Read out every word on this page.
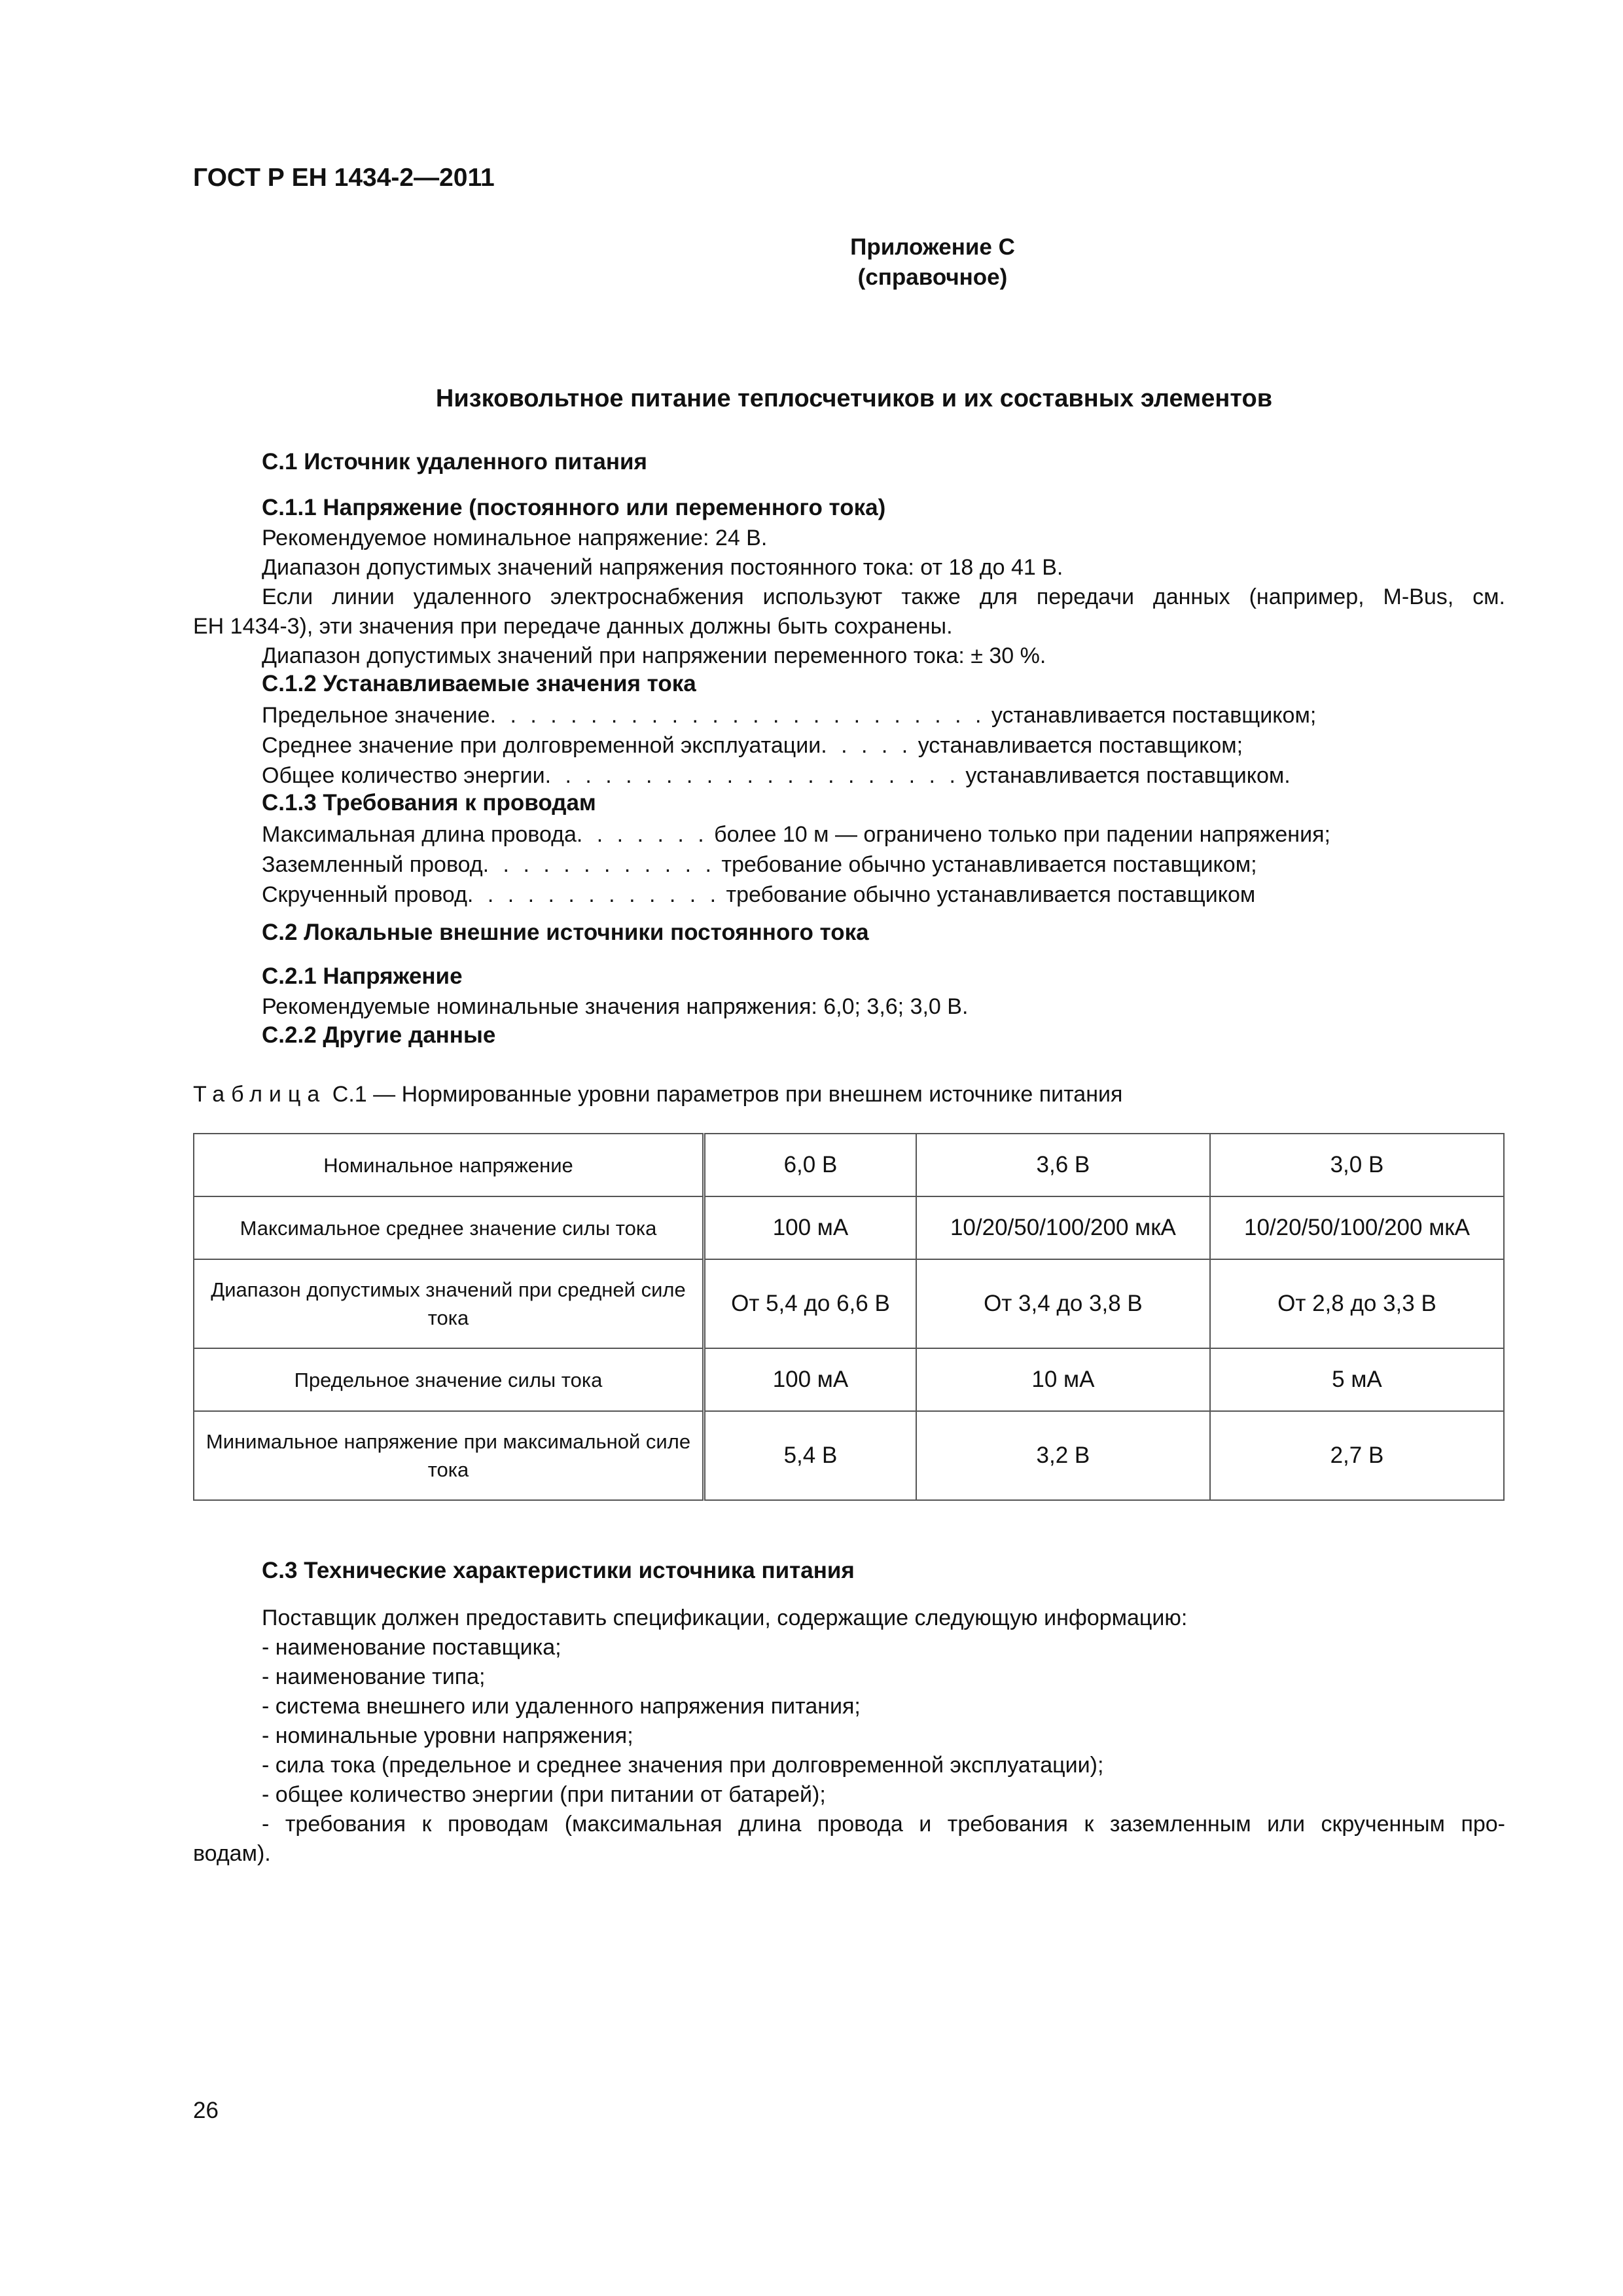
ГОСТ Р ЕН 1434-2—2011
Приложение С
(справочное)
Низковольтное питание теплосчетчиков и их составных элементов
С.1 Источник удаленного питания
С.1.1 Напряжение (постоянного или переменного тока)
Рекомендуемое номинальное напряжение: 24 В.
Диапазон допустимых значений напряжения постоянного тока: от 18 до 41 В.
Если линии удаленного электроснабжения используют также для передачи данных (например, M-Bus, см.
ЕН 1434-3), эти значения при передаче данных должны быть сохранены.
Диапазон допустимых значений при напряжении переменного тока: ± 30 %.
С.1.2 Устанавливаемые значения тока
Предельное значение . . . . . . . . . . . . . . . . . . . . . . . . .
устанавливается поставщиком;
Среднее значение при долговременной эксплуатации . . . . .
устанавливается поставщиком;
Общее количество энергии . . . . . . . . . . . . . . . . . . . . .
устанавливается поставщиком.
С.1.3 Требования к проводам
Максимальная длина провода . . . . . . .
более 10 м — ограничено только при падении напряжения;
Заземленный провод . . . . . . . . . . . .
требование обычно устанавливается поставщиком;
Скрученный провод . . . . . . . . . . . . .
требование обычно устанавливается поставщиком
С.2 Локальные внешние источники постоянного тока
С.2.1 Напряжение
Рекомендуемые номинальные значения напряжения: 6,0; 3,6; 3,0 В.
С.2.2 Другие данные
Таблица С.1 — Нормированные уровни параметров при внешнем источнике питания
Номинальное напряжение	6,0 В	3,6 В	3,0 В
Максимальное среднее значение силы тока	100 мА	10/20/50/100/200 мкА	10/20/50/100/200 мкА
Диапазон допустимых значений при средней силе тока	От 5,4 до 6,6 В	От 3,4 до 3,8 В	От 2,8 до 3,3 В
Предельное значение силы тока	100 мА	10 мА	5 мА
Минимальное напряжение при максимальной силе тока	5,4 В	3,2 В	2,7 В
С.3 Технические характеристики источника питания
Поставщик должен предоставить спецификации, содержащие следующую информацию:
- наименование поставщика;
- наименование типа;
- система внешнего или удаленного напряжения питания;
- номинальные уровни напряжения;
- сила тока (предельное и среднее значения при долговременной эксплуатации);
- общее количество энергии (при питании от батарей);
- требования к проводам (максимальная длина провода и требования к заземленным или скрученным про-
водам).
26
